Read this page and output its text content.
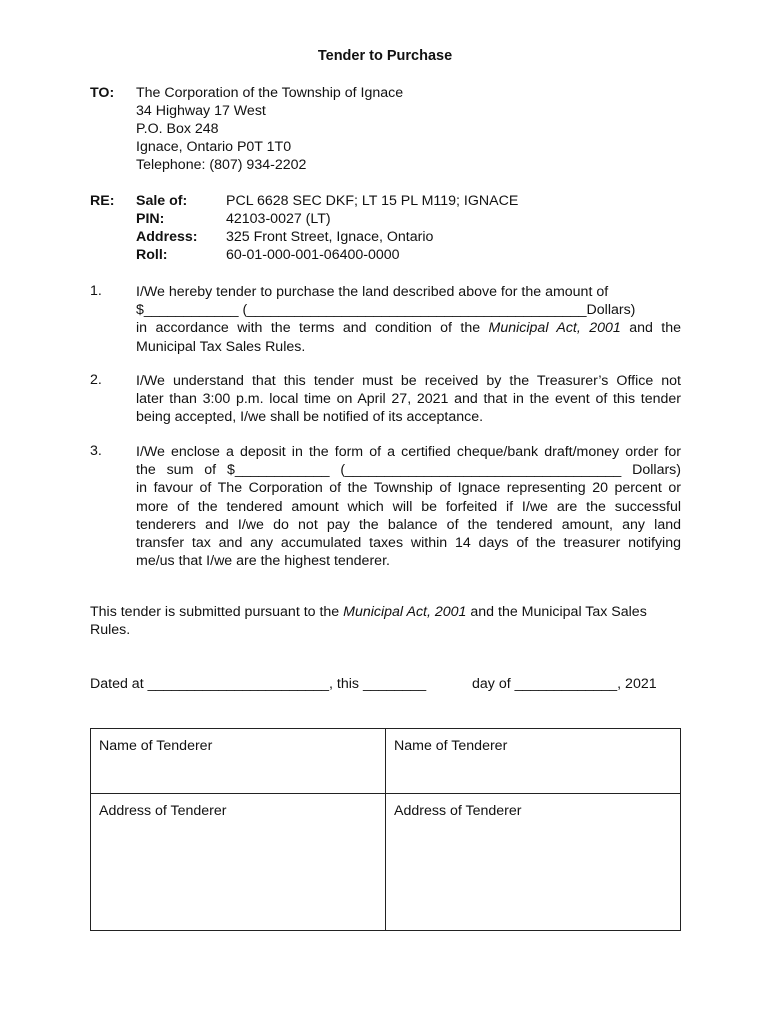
Tender to Purchase
TO: The Corporation of the Township of Ignace
34 Highway 17 West
P.O. Box 248
Ignace, Ontario P0T 1T0
Telephone: (807) 934-2202
RE: Sale of:	PCL 6628 SEC DKF; LT 15 PL M119; IGNACE
PIN:	42103-0027 (LT)
Address: 325 Front Street, Ignace, Ontario
Roll:	60-01-000-001-06400-0000
1. I/We hereby tender to purchase the land described above for the amount of
$____________ (___________________________________________Dollars)
in accordance with the terms and condition of the Municipal Act, 2001 and the
Municipal Tax Sales Rules.
2. I/We understand that this tender must be received by the Treasurer’s Office not
later than 3:00 p.m. local time on April 27, 2021 and that in the event of this tender
being accepted, I/we shall be notified of its acceptance.
3. I/We enclose a deposit in the form of a certified cheque/bank draft/money order for
the sum of $____________ (___________________________________ Dollars)
in favour of The Corporation of the Township of Ignace representing 20 percent or
more of the tendered amount which will be forfeited if I/we are the successful
tenderers and I/we do not pay the balance of the tendered amount, any land
transfer tax and any accumulated taxes within 14 days of the treasurer notifying
me/us that I/we are the highest tenderer.
This tender is submitted pursuant to the Municipal Act, 2001 and the Municipal Tax Sales
Rules.
Dated at _______________________, this ________	day of _____________, 2021
Name of Tenderer	Name of Tenderer
Address of Tenderer	Address of Tenderer
